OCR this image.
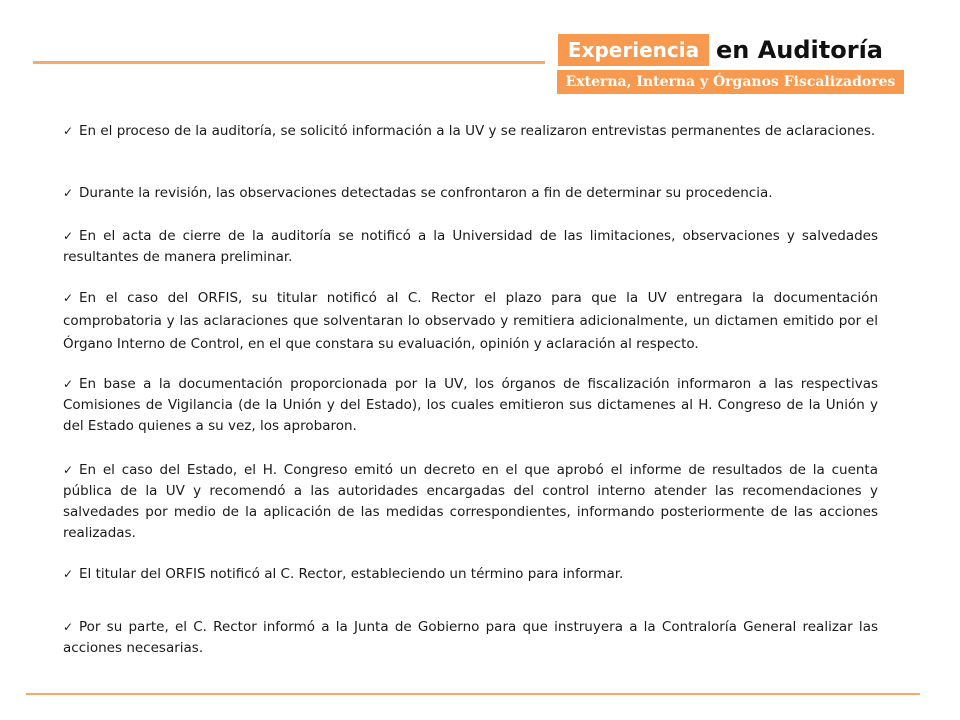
Experiencia en Auditoría
Externa, Interna y Órganos Fiscalizadores
✓ En el proceso de la auditoría, se solicitó información a la UV y se realizaron entrevistas permanentes de aclaraciones.
✓ Durante la revisión, las observaciones detectadas se confrontaron a fin de determinar su procedencia.
✓ En el acta de cierre de la auditoría se notificó a la Universidad de las limitaciones, observaciones y salvedades resultantes de manera preliminar.
✓ En el caso del ORFIS, su titular notificó al C. Rector el plazo para que la UV entregara la documentación comprobatoria y las aclaraciones que solventaran lo observado y remitiera adicionalmente, un dictamen emitido por el Órgano Interno de Control, en el que constara su evaluación, opinión y aclaración al respecto.
✓ En base a la documentación proporcionada por la UV, los órganos de fiscalización informaron a las respectivas Comisiones de Vigilancia (de la Unión y del Estado), los cuales emitieron sus dictamenes al H. Congreso de la Unión y del Estado quienes a su vez, los aprobaron.
✓ En el caso del Estado, el H. Congreso emitó un decreto en el que aprobó el informe de resultados de la cuenta pública de la UV y recomendó a las autoridades encargadas del control interno atender las recomendaciones y salvedades por medio de la aplicación de las medidas correspondientes, informando posteriormente de las acciones realizadas.
✓ El titular del ORFIS notificó al C. Rector, estableciendo un término para informar.
✓ Por su parte, el C. Rector informó a la Junta de Gobierno para que instruyera a la Contraloría General realizar las acciones necesarias.
